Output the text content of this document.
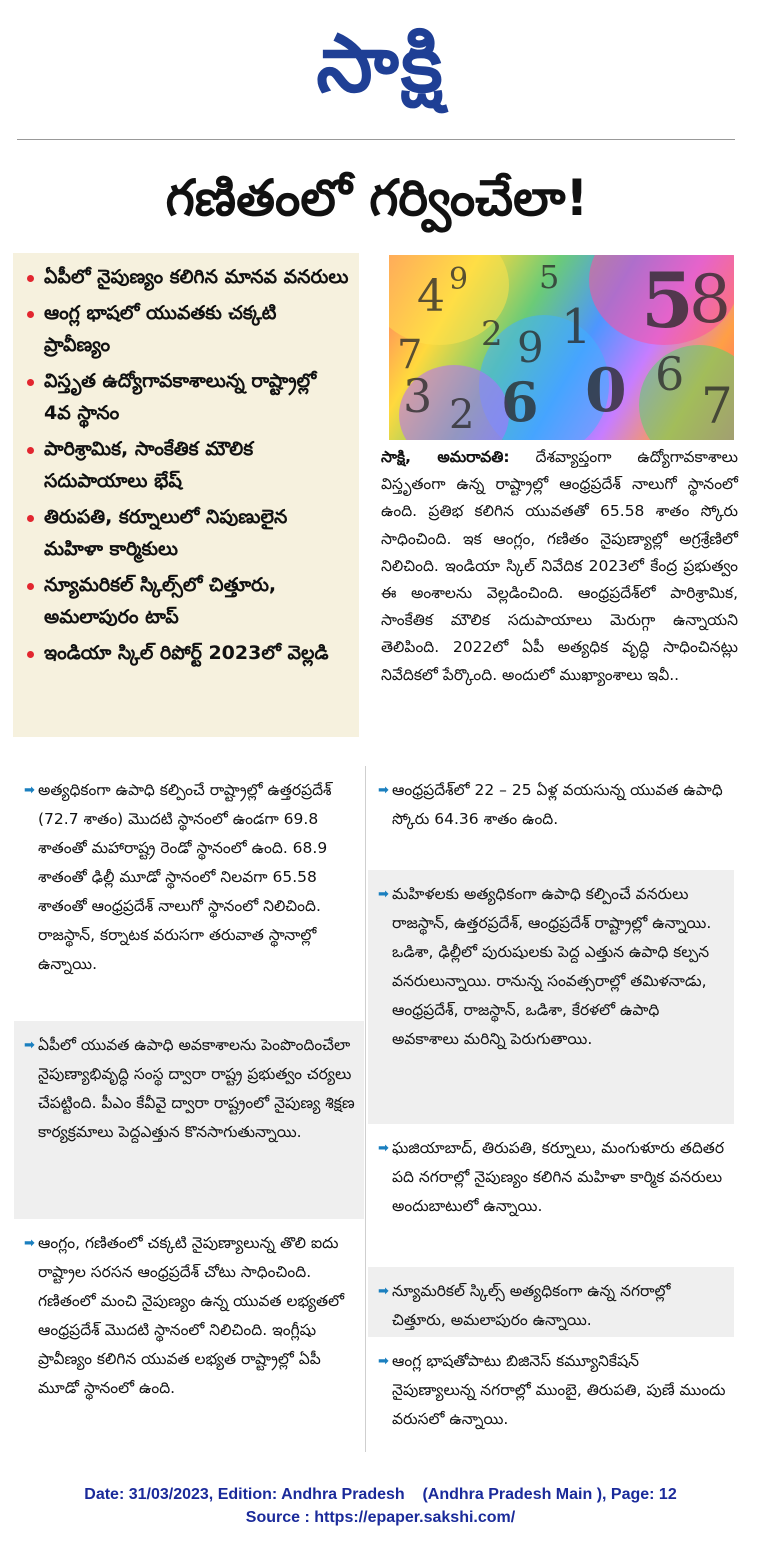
సాక్షి
గణితంలో గర్వించేలా!
ఏపీలో నైపుణ్యం కలిగిన మానవ వనరులు
ఆంగ్ల భాషలో యువతకు చక్కటి ప్రావీణ్యం
విస్తృత ఉద్యోగావకాశాలున్న రాష్ట్రాల్లో 4వ స్థానం
పారిశ్రామిక, సాంకేతిక మౌలిక సదుపాయాలు భేష్
తిరుపతి, కర్నూలులో నిపుణులైన మహిళా కార్మికులు
న్యూమరికల్ స్కిల్స్‌లో చిత్తూరు, అమలాపురం టాప్
ఇండియా స్కిల్ రిపోర్ట్ 2023లో వెల్లడి
4
7 2 1
9
5
8
3 6 0
2
6
7
9 5

సాక్షి, అమరావతి: దేశవ్యాప్తంగా ఉద్యోగావకాశాలు విస్తృతంగా ఉన్న రాష్ట్రాల్లో ఆంధ్రప్రదేశ్ నాలుగో స్థానంలో ఉంది. ప్రతిభ కలిగిన యువతతో 65.58 శాతం స్కోరు సాధించింది. ఇక ఆంగ్లం, గణితం నైపుణ్యాల్లో అగ్రశ్రేణిలో నిలిచింది. ఇండియా స్కిల్ నివేదిక 2023లో కేంద్ర ప్రభుత్వం ఈ అంశాలను వెల్లడించింది. ఆంధ్రప్రదేశ్‌లో పారిశ్రామిక, సాంకేతిక మౌలిక సదుపాయాలు మెరుగ్గా ఉన్నాయని తెలిపింది. 2022లో ఏపీ అత్యధిక వృద్ధి సాధించినట్లు నివేదికలో పేర్కొంది. అందులో ముఖ్యాంశాలు ఇవీ..

➡ అత్యధికంగా ఉపాధి కల్పించే రాష్ట్రాల్లో ఉత్తరప్రదేశ్ (72.7 శాతం) మొదటి స్థానంలో ఉండగా 69.8 శాతంతో మహారాష్ట్ర రెండో స్థానంలో ఉంది. 68.9 శాతంతో ఢిల్లీ మూడో స్థానంలో నిలవగా 65.58 శాతంతో ఆంధ్రప్రదేశ్ నాలుగో స్థానంలో నిలిచింది. రాజస్థాన్, కర్నాటక వరుసగా తరువాత స్థానాల్లో ఉన్నాయి.

➡ ఏపీలో యువత ఉపాధి అవకాశాలను పెంపొందించేలా నైపుణ్యాభివృద్ధి సంస్థ ద్వారా రాష్ట్ర ప్రభుత్వం చర్యలు చేపట్టింది. పీఎం కేవీవై ద్వారా రాష్ట్రంలో నైపుణ్య శిక్షణ కార్యక్రమాలు పెద్దఎత్తున కొనసాగుతున్నాయి.

➡ ఆంగ్లం, గణితంలో చక్కటి నైపుణ్యాలున్న తొలి ఐదు రాష్ట్రాల సరసన ఆంధ్రప్రదేశ్ చోటు సాధించింది. గణితంలో మంచి నైపుణ్యం ఉన్న యువత లభ్యతలో ఆంధ్రప్రదేశ్ మొదటి స్థానంలో నిలిచింది. ఇంగ్లీషు ప్రావీణ్యం కలిగిన యువత లభ్యత రాష్ట్రాల్లో ఏపీ మూడో స్థానంలో ఉంది.

➡ ఆంధ్రప్రదేశ్‌లో 22 – 25 ఏళ్ల వయసున్న యువత ఉపాధి స్కోరు 64.36 శాతం ఉంది.

➡ మహిళలకు అత్యధికంగా ఉపాధి కల్పించే వనరులు రాజస్థాన్, ఉత్తరప్రదేశ్, ఆంధ్రప్రదేశ్ రాష్ట్రాల్లో ఉన్నాయి. ఒడిశా, ఢిల్లీలో పురుషులకు పెద్ద ఎత్తున ఉపాధి కల్పన వనరులున్నాయి. రానున్న సంవత్సరాల్లో తమిళనాడు, ఆంధ్రప్రదేశ్, రాజస్థాన్, ఒడిశా, కేరళలో ఉపాధి అవకాశాలు మరిన్ని పెరుగుతాయి.

➡ ఘజియాబాద్, తిరుపతి, కర్నూలు, మంగుళూరు తదితర పది నగరాల్లో నైపుణ్యం కలిగిన మహిళా కార్మిక వనరులు అందుబాటులో ఉన్నాయి.

➡ న్యూమరికల్ స్కిల్స్ అత్యధికంగా ఉన్న నగరాల్లో చిత్తూరు, అమలాపురం ఉన్నాయి.

➡ ఆంగ్ల భాషతోపాటు బిజినెస్ కమ్యూనికేషన్ నైపుణ్యాలున్న నగరాల్లో ముంబై, తిరుపతి, పుణే ముందు వరుసలో ఉన్నాయి.

Date: 31/03/2023, Edition: Andhra Pradesh    (Andhra Pradesh Main ), Page: 12
Source : https://epaper.sakshi.com/
